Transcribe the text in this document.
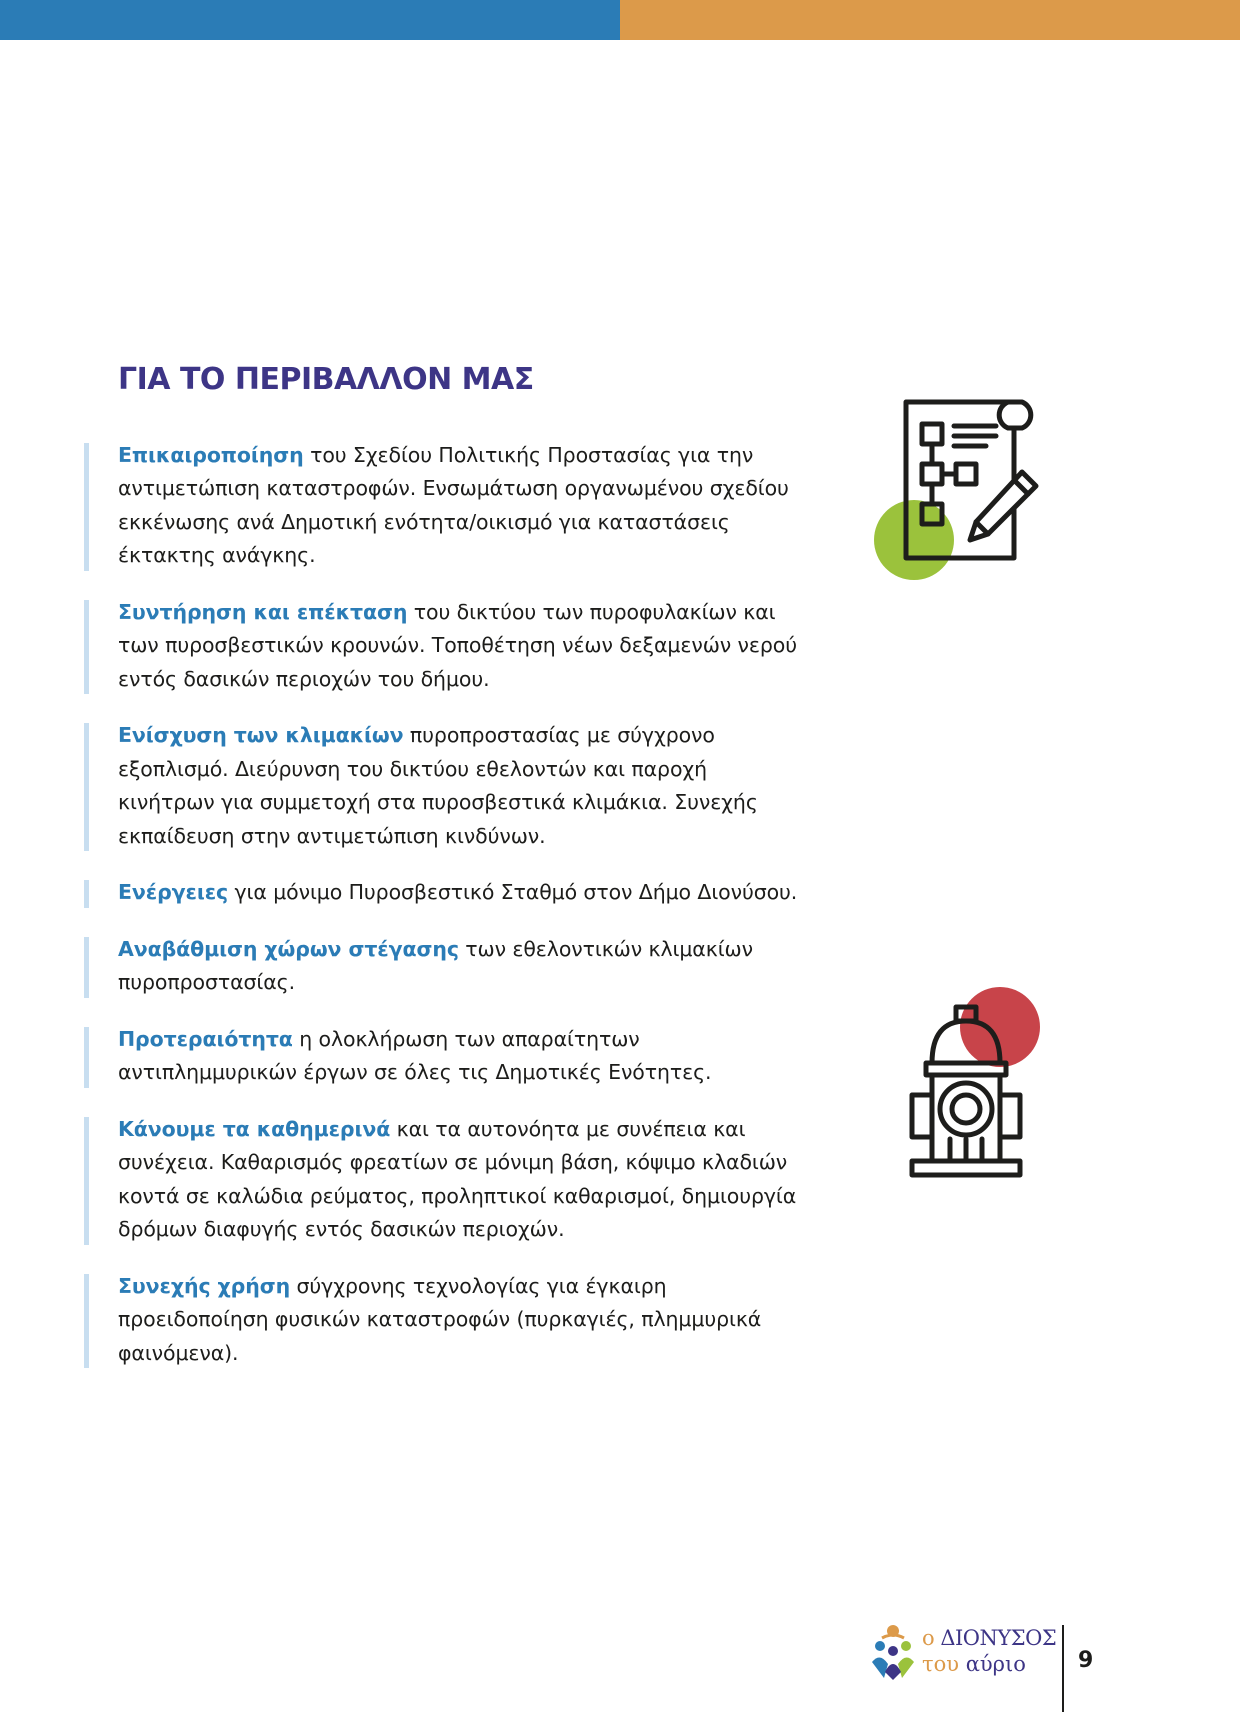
ΓΙΑ ΤΟ ΠΕΡΙΒΑΛΛΟΝ ΜΑΣ

Επικαιροποίηση του Σχεδίου Πολιτικής Προστασίας για την αντιμετώπιση καταστροφών. Ενσωμάτωση οργανωμένου σχεδίου εκκένωσης ανά Δημοτική ενότητα/οικισμό για καταστάσεις έκτακτης ανάγκης.

Συντήρηση και επέκταση του δικτύου των πυροφυλακίων και των πυροσβεστικών κρουνών. Τοποθέτηση νέων δεξαμενών νερού εντός δασικών περιοχών του δήμου.

Ενίσχυση των κλιμακίων πυροπροστασίας με σύγχρονο εξοπλισμό. Διεύρυνση του δικτύου εθελοντών και παροχή κινήτρων για συμμετοχή στα πυροσβεστικά κλιμάκια. Συνεχής εκπαίδευση στην αντιμετώπιση κινδύνων.

Ενέργειες για μόνιμο Πυροσβεστικό Σταθμό στον Δήμο Διονύσου.

Αναβάθμιση χώρων στέγασης των εθελοντικών κλιμακίων πυροπροστασίας.

Προτεραιότητα η ολοκλήρωση των απαραίτητων αντιπλημμυρικών έργων σε όλες τις Δημοτικές Ενότητες.

Κάνουμε τα καθημερινά και τα αυτονόητα με συνέπεια και συνέχεια. Καθαρισμός φρεατίων σε μόνιμη βάση, κόψιμο κλαδιών κοντά σε καλώδια ρεύματος, προληπτικοί καθαρισμοί, δημιουργία δρόμων διαφυγής εντός δασικών περιοχών.

Συνεχής χρήση σύγχρονης τεχνολογίας για έγκαιρη προειδοποίηση φυσικών καταστροφών (πυρκαγιές, πλημμυρικά φαινόμενα).

ο ΔΙΟΝΥΣΟΣ
του αύριο 9
